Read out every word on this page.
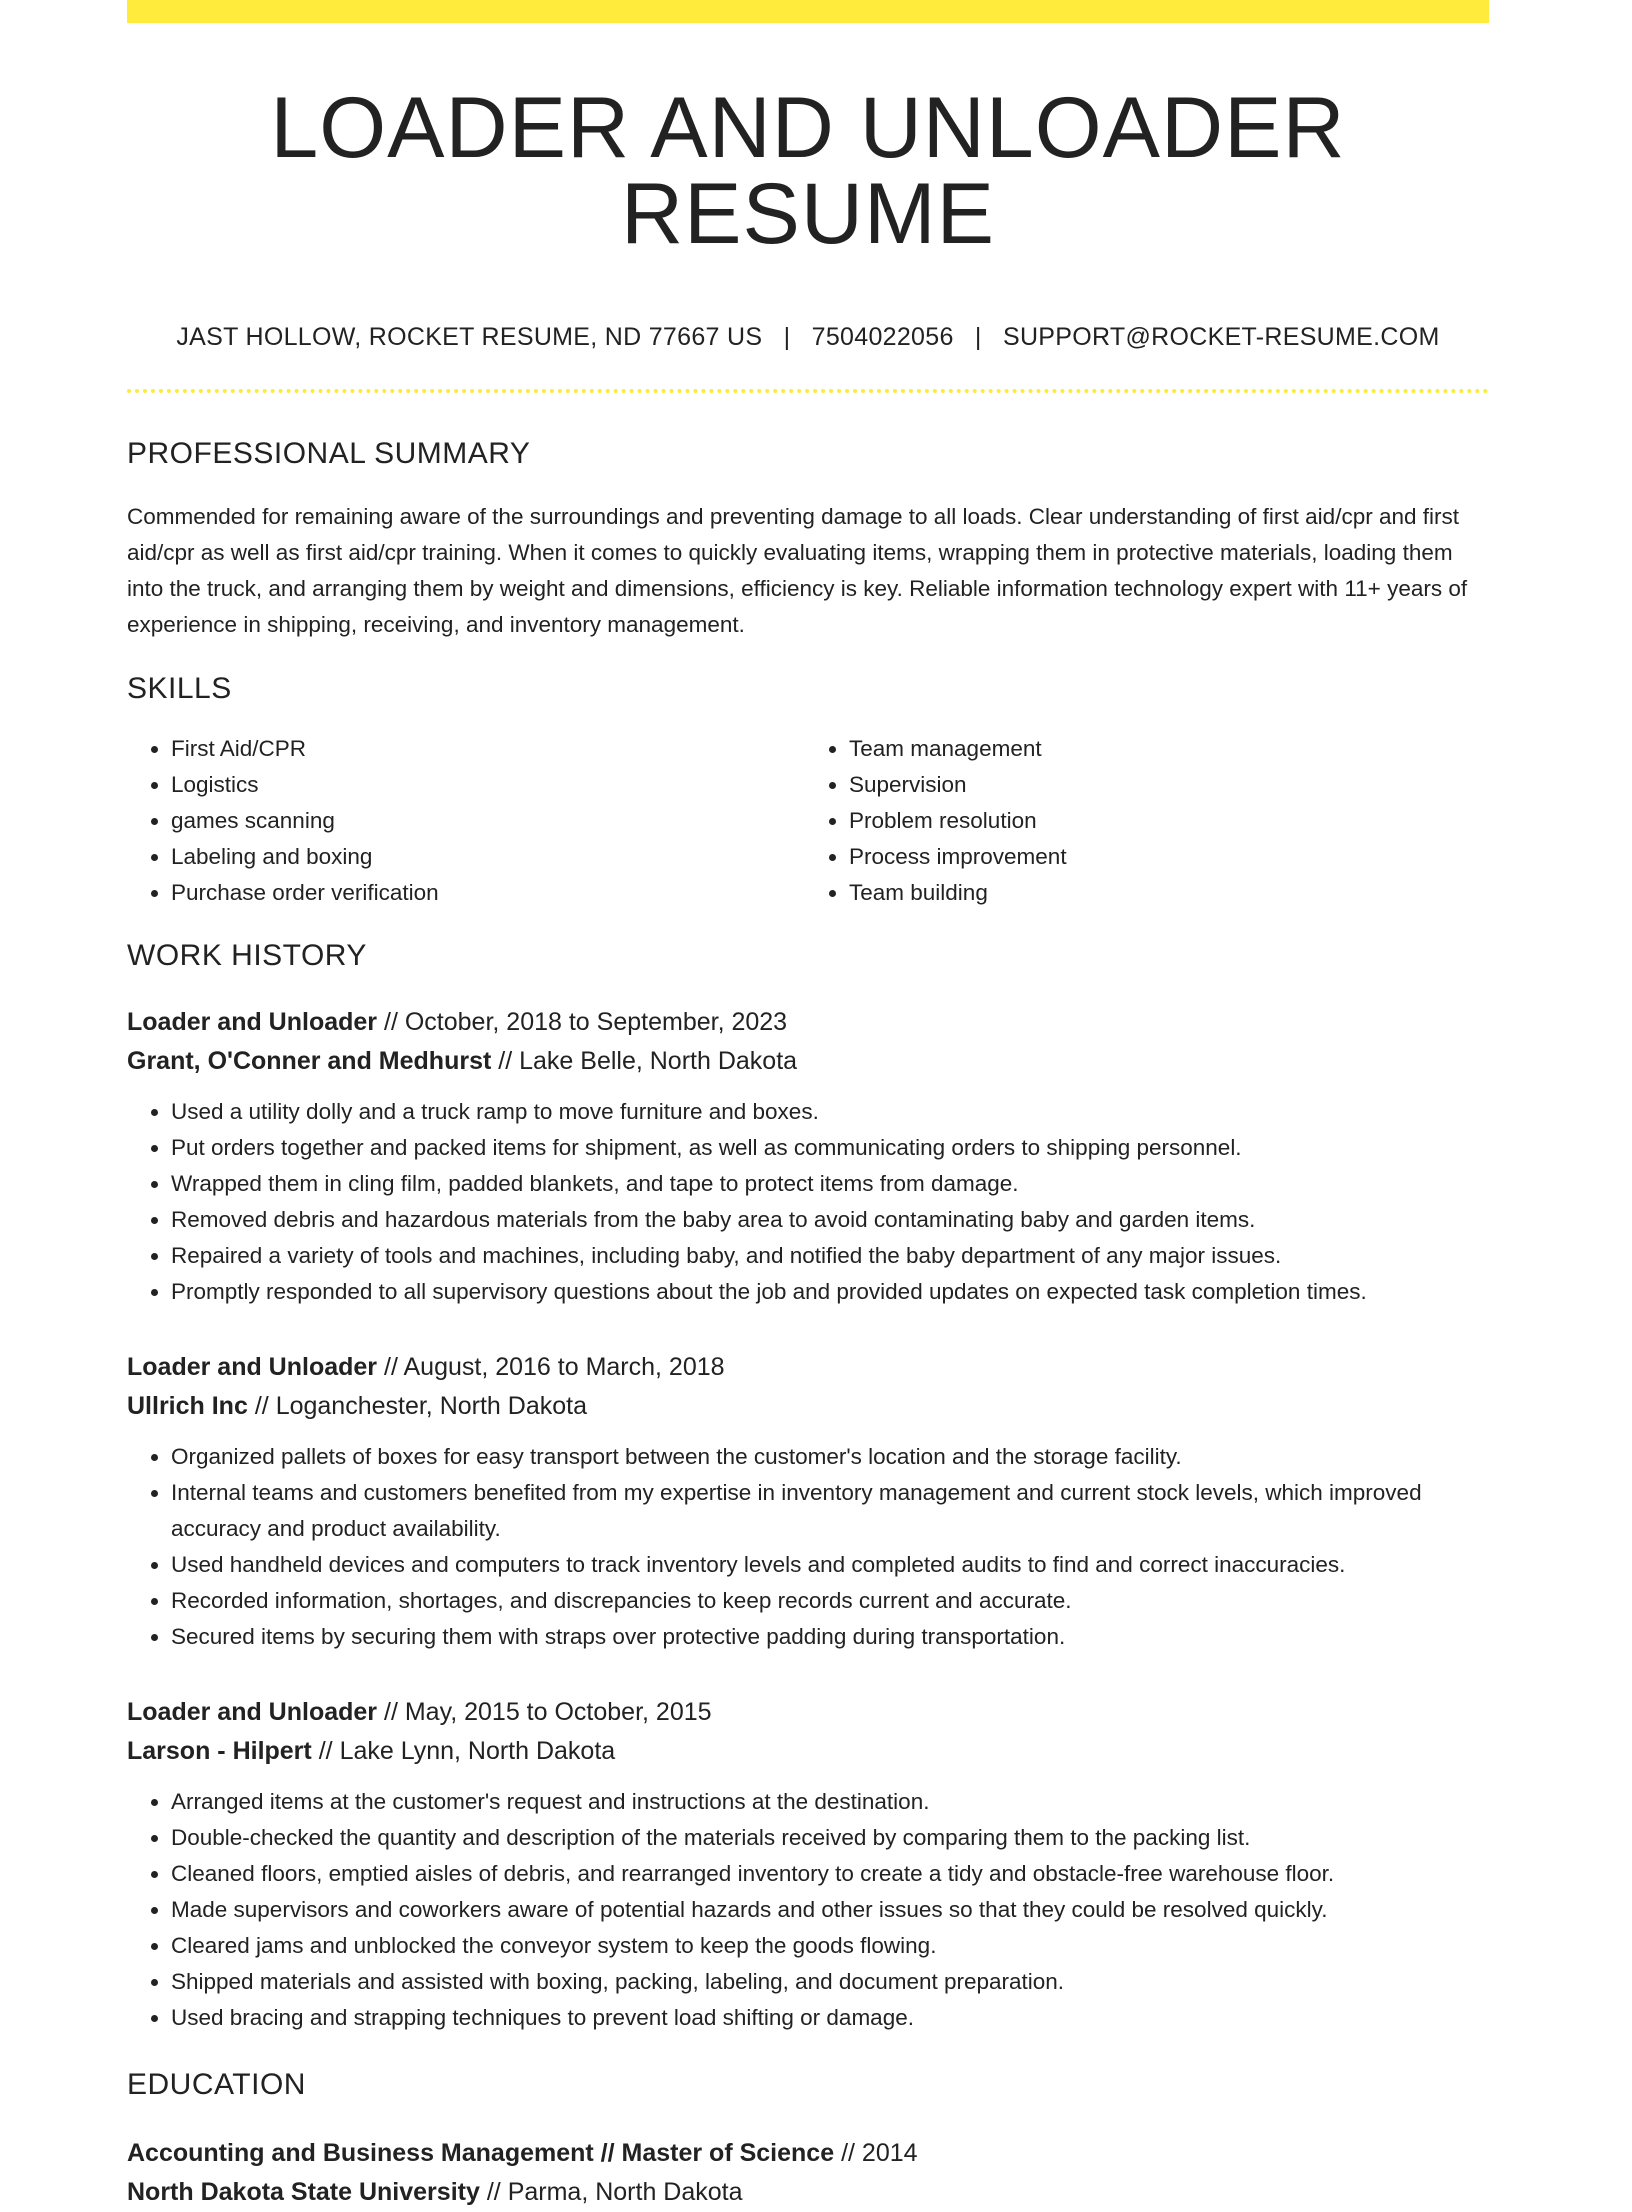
LOADER AND UNLOADER RESUME
JAST HOLLOW, ROCKET RESUME, ND 77667 US | 7504022056 | SUPPORT@ROCKET-RESUME.COM
PROFESSIONAL SUMMARY

Commended for remaining aware of the surroundings and preventing damage to all loads. Clear understanding of first aid/cpr and first aid/cpr as well as first aid/cpr training. When it comes to quickly evaluating items, wrapping them in protective materials, loading them into the truck, and arranging them by weight and dimensions, efficiency is key. Reliable information technology expert with 11+ years of experience in shipping, receiving, and inventory management.

SKILLS
• First Aid/CPR
• Logistics
• games scanning
• Labeling and boxing
• Purchase order verification
• Team management
• Supervision
• Problem resolution
• Process improvement
• Team building
WORK HISTORY
Loader and Unloader // October, 2018 to September, 2023
Grant, O'Conner and Medhurst // Lake Belle, North Dakota
• Used a utility dolly and a truck ramp to move furniture and boxes.
• Put orders together and packed items for shipment, as well as communicating orders to shipping personnel.
• Wrapped them in cling film, padded blankets, and tape to protect items from damage.
• Removed debris and hazardous materials from the baby area to avoid contaminating baby and garden items.
• Repaired a variety of tools and machines, including baby, and notified the baby department of any major issues.
• Promptly responded to all supervisory questions about the job and provided updates on expected task completion times.
Loader and Unloader // August, 2016 to March, 2018
Ullrich Inc // Loganchester, North Dakota
• Organized pallets of boxes for easy transport between the customer's location and the storage facility.
• Internal teams and customers benefited from my expertise in inventory management and current stock levels, which improved accuracy and product availability.
• Used handheld devices and computers to track inventory levels and completed audits to find and correct inaccuracies.
• Recorded information, shortages, and discrepancies to keep records current and accurate.
• Secured items by securing them with straps over protective padding during transportation.
Loader and Unloader // May, 2015 to October, 2015
Larson - Hilpert // Lake Lynn, North Dakota
• Arranged items at the customer's request and instructions at the destination.
• Double-checked the quantity and description of the materials received by comparing them to the packing list.
• Cleaned floors, emptied aisles of debris, and rearranged inventory to create a tidy and obstacle-free warehouse floor.
• Made supervisors and coworkers aware of potential hazards and other issues so that they could be resolved quickly.
• Cleared jams and unblocked the conveyor system to keep the goods flowing.
• Shipped materials and assisted with boxing, packing, labeling, and document preparation.
• Used bracing and strapping techniques to prevent load shifting or damage.
EDUCATION
Accounting and Business Management // Master of Science // 2014
North Dakota State University // Parma, North Dakota
